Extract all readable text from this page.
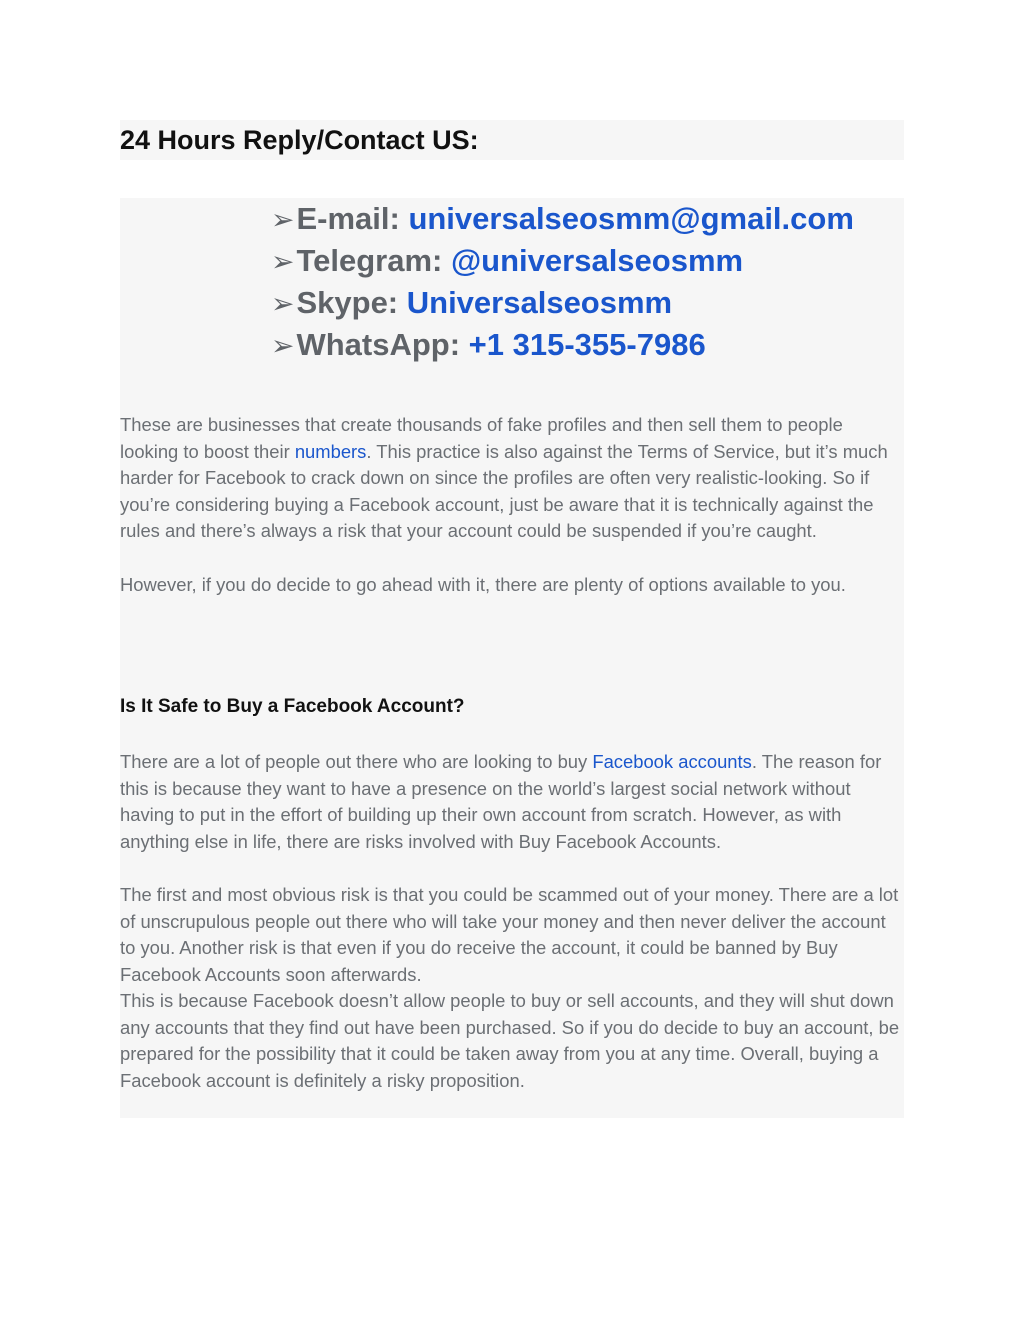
24 Hours Reply/Contact US:
➢E-mail: universalseosmm@gmail.com
➢Telegram: @universalseosmm
➢Skype: Universalseosmm
➢WhatsApp: +1 315-355-7986

These are businesses that create thousands of fake profiles and then sell them to people looking to boost their numbers. This practice is also against the Terms of Service, but it’s much harder for Facebook to crack down on since the profiles are often very realistic-looking. So if you’re considering buying a Facebook account, just be aware that it is technically against the rules and there’s always a risk that your account could be suspended if you’re caught.

However, if you do decide to go ahead with it, there are plenty of options available to you.

Is It Safe to Buy a Facebook Account?

There are a lot of people out there who are looking to buy Facebook accounts. The reason for this is because they want to have a presence on the world’s largest social network without having to put in the effort of building up their own account from scratch. However, as with anything else in life, there are risks involved with Buy Facebook Accounts.

The first and most obvious risk is that you could be scammed out of your money. There are a lot of unscrupulous people out there who will take your money and then never deliver the account to you. Another risk is that even if you do receive the account, it could be banned by Buy Facebook Accounts soon afterwards.

This is because Facebook doesn’t allow people to buy or sell accounts, and they will shut down any accounts that they find out have been purchased. So if you do decide to buy an account, be prepared for the possibility that it could be taken away from you at any time. Overall, buying a Facebook account is definitely a risky proposition.
